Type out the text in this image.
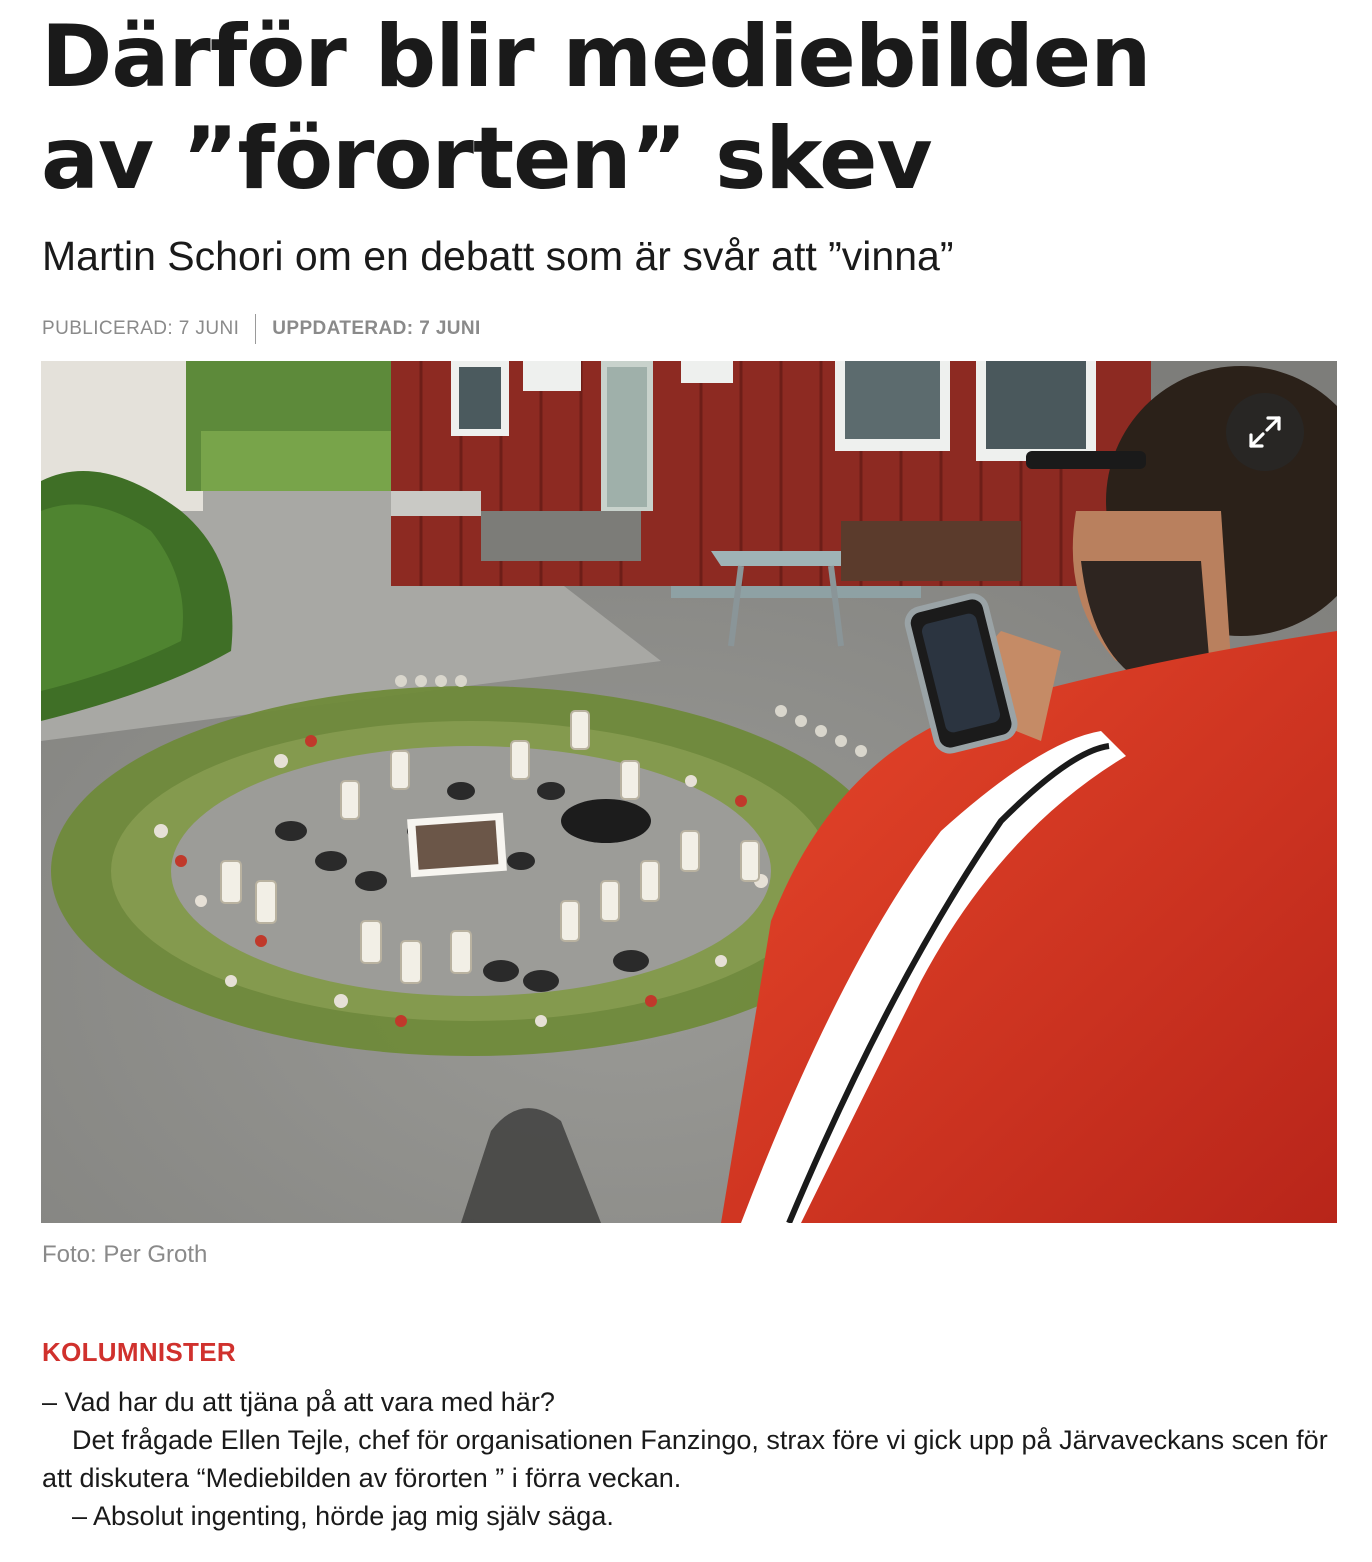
Därför blir mediebilden
av ”förorten” skev
Martin Schori om en debatt som är svår att ”vinna”
PUBLICERAD: 7 JUNI	UPPDATERAD: 7 JUNI
Foto: Per Groth
KOLUMNISTER

– Vad har du att tjäna på att vara med här?

Det frågade Ellen Tejle, chef för organisationen Fanzingo, strax före vi gick upp på Järvaveckans scen för att diskutera “Mediebilden av förorten ” i förra veckan.

– Absolut ingenting, hörde jag mig själv säga.
